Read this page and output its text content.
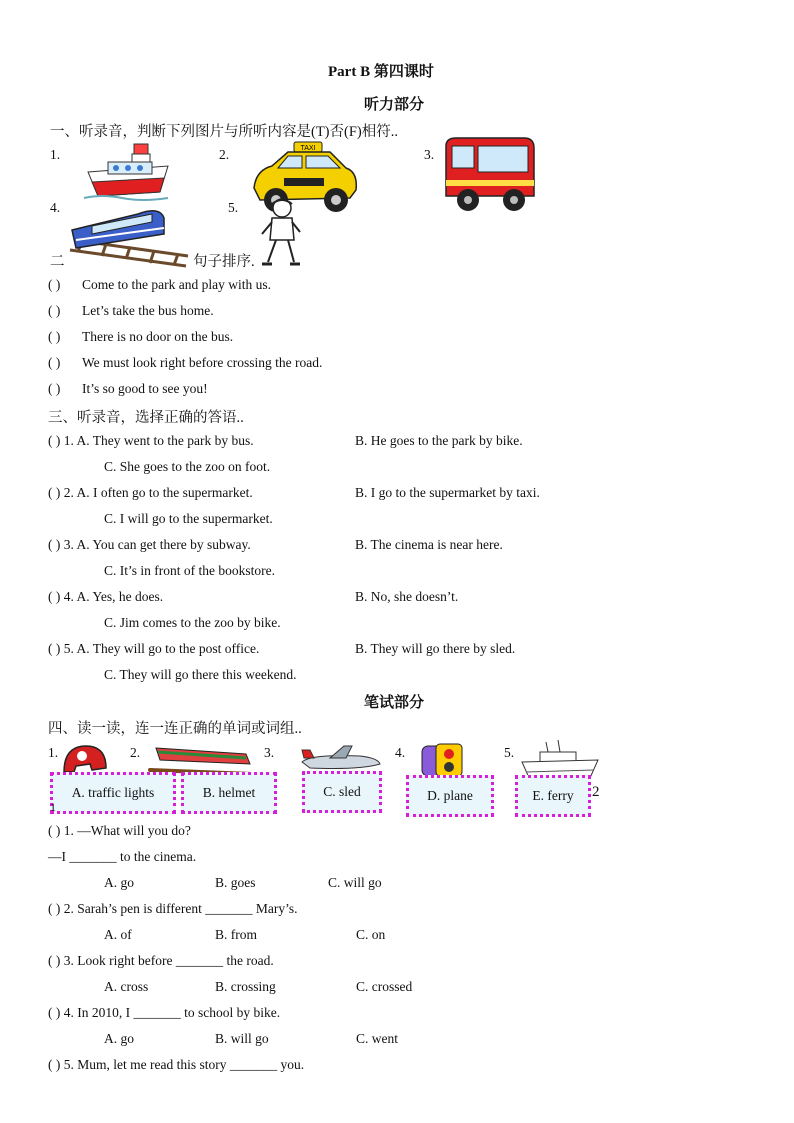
Part B 第四课时
听力部分
一、听录音，判断下列图片与所听内容是(T)否(F)相符..
1.	2.	TAXI	3.
4.	5.
二	句子排序.
( ) Come to the park and play with us.
( ) Let’s take the bus home.
( ) There is no door on the bus.
( ) We must look right before crossing the road.
( ) It’s so good to see you!
三、听录音，选择正确的答语..
( ) 1. A. They went to the park by bus.	B. He goes to the park by bike.
C. She goes to the zoo on foot.
( ) 2. A. I often go to the supermarket.	B. I go to the supermarket by taxi.
C. I will go to the supermarket.
( ) 3. A. You can get there by subway.	B. The cinema is near here.
C. It’s in front of the bookstore.
( ) 4. A. Yes, he does.	B. No, she doesn’t.
C. Jim comes to the zoo by bike.
( ) 5. A. They will go to the post office.	B. They will go there by sled.
C. They will go there this weekend.
笔试部分
四、读一读，连一连正确的单词或词组..
1.	2.	3.	4.	5.
A. traffic lights	B. helmet	C. sled	D. plane	E. ferry	2
1
( ) 1. —What will you do?
—I _______ to the cinema.
A. go	B. goes	C. will go
( ) 2. Sarah’s pen is different _______ Mary’s.
A. of	B. from	C. on
( ) 3. Look right before _______ the road.
A. cross	B. crossing	C. crossed
( ) 4. In 2010, I _______ to school by bike.
A. go	B. will go	C. went
( ) 5. Mum, let me read this story _______ you.
